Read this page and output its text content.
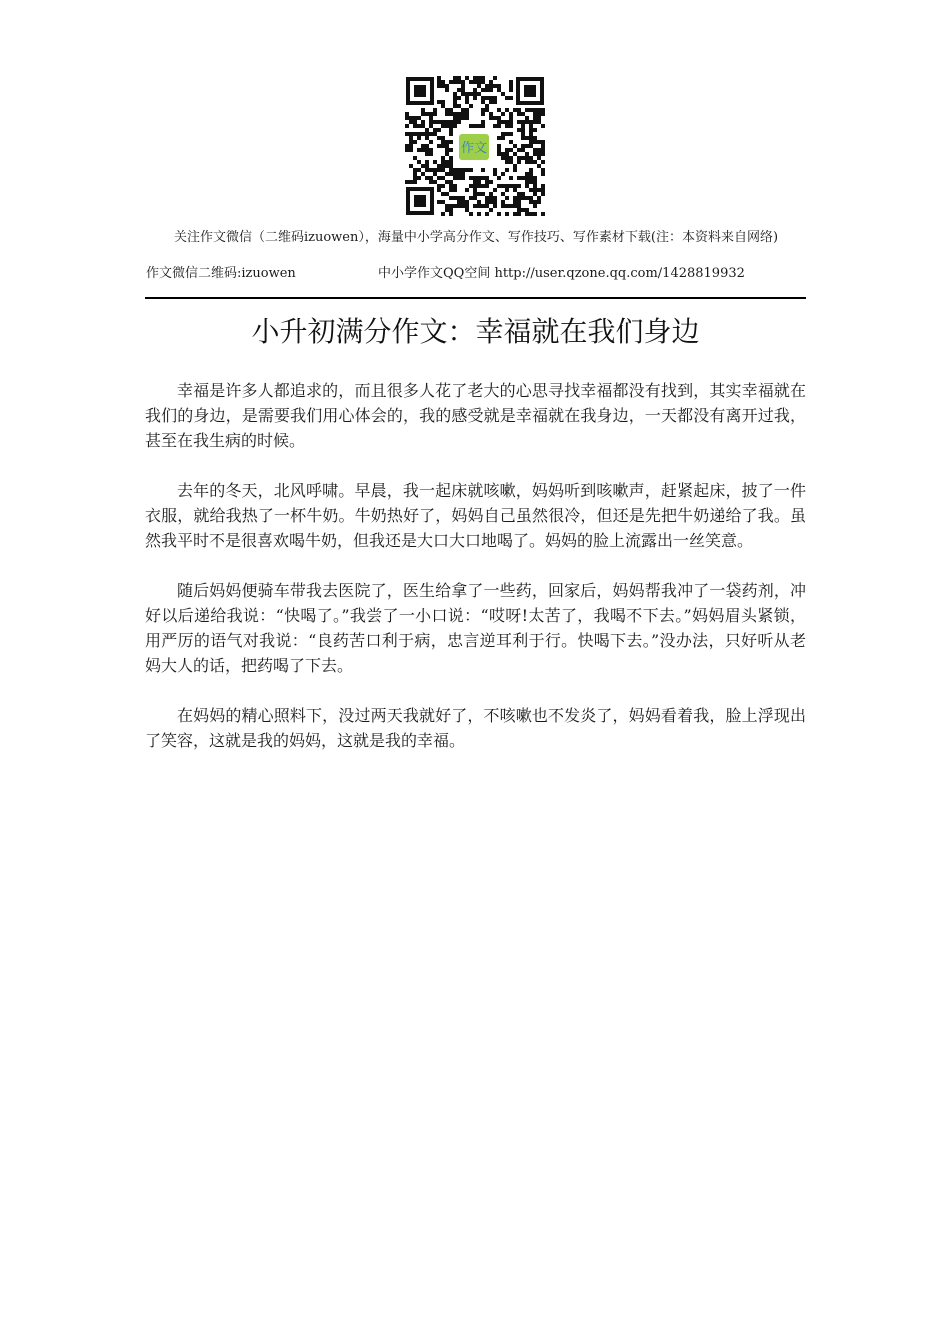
作文

关注作文微信（二维码izuowen），海量中小学高分作文、写作技巧、写作素材下载(注：本资料来自网络)

作文微信二维码:izuowen	中小学作文QQ空间 http://user.qzone.qq.com/1428819932

小升初满分作文：幸福就在我们身边

幸福是许多人都追求的，而且很多人花了老大的心思寻找幸福都没有找到，其实幸福就在我们的身边，是需要我们用心体会的，我的感受就是幸福就在我身边，一天都没有离开过我，甚至在我生病的时候。

去年的冬天，北风呼啸。早晨，我一起床就咳嗽，妈妈听到咳嗽声，赶紧起床，披了一件衣服，就给我热了一杯牛奶。牛奶热好了，妈妈自己虽然很冷，但还是先把牛奶递给了我。虽然我平时不是很喜欢喝牛奶，但我还是大口大口地喝了。妈妈的脸上流露出一丝笑意。

随后妈妈便骑车带我去医院了，医生给拿了一些药，回家后，妈妈帮我冲了一袋药剂，冲好以后递给我说：“快喝了。”我尝了一小口说：“哎呀!太苦了，我喝不下去。”妈妈眉头紧锁，用严厉的语气对我说：“良药苦口利于病，忠言逆耳利于行。快喝下去。”没办法，只好听从老妈大人的话，把药喝了下去。

在妈妈的精心照料下，没过两天我就好了，不咳嗽也不发炎了，妈妈看着我，脸上浮现出了笑容，这就是我的妈妈，这就是我的幸福。
